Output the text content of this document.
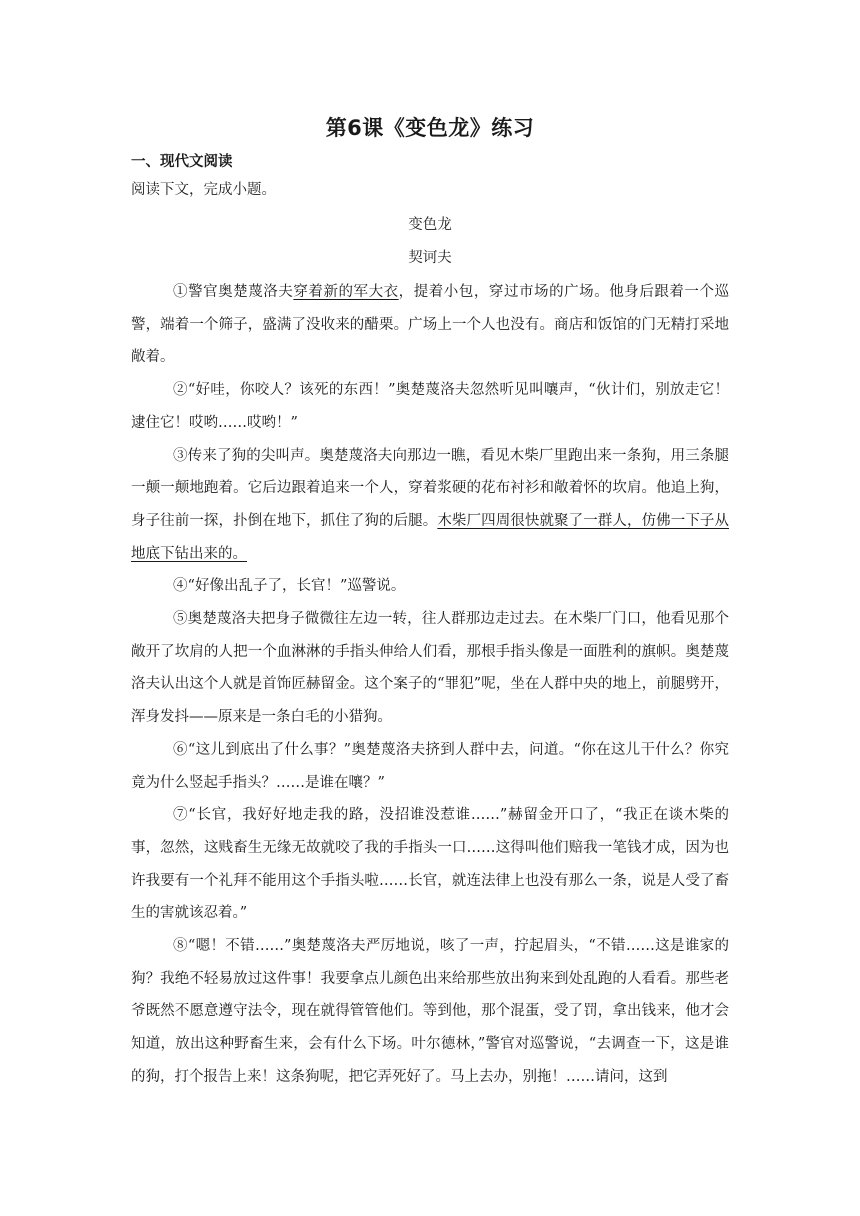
第6课《变色龙》练习
一、现代文阅读
阅读下文，完成小题。
变色龙
契诃夫

①警官奥楚蔑洛夫穿着新的军大衣，提着小包，穿过市场的广场。他身后跟着一个巡警，端着一个筛子，盛满了没收来的醋栗。广场上一个人也没有。商店和饭馆的门无精打采地敞着。

②“好哇，你咬人？该死的东西！”奥楚蔑洛夫忽然听见叫嚷声，“伙计们，别放走它！逮住它！哎哟……哎哟！”

③传来了狗的尖叫声。奥楚蔑洛夫向那边一瞧，看见木柴厂里跑出来一条狗，用三条腿一颠一颠地跑着。它后边跟着追来一个人，穿着浆硬的花布衬衫和敞着怀的坎肩。他追上狗，身子往前一探，扑倒在地下，抓住了狗的后腿。木柴厂四周很快就聚了一群人，仿佛一下子从地底下钻出来的。

④“好像出乱子了，长官！”巡警说。

⑤奥楚蔑洛夫把身子微微往左边一转，往人群那边走过去。在木柴厂门口，他看见那个敞开了坎肩的人把一个血淋淋的手指头伸给人们看，那根手指头像是一面胜利的旗帜。奥楚蔑洛夫认出这个人就是首饰匠赫留金。这个案子的“罪犯”呢，坐在人群中央的地上，前腿劈开，浑身发抖——原来是一条白毛的小猎狗。

⑥“这儿到底出了什么事？”奥楚蔑洛夫挤到人群中去，问道。“你在这儿干什么？你究竟为什么竖起手指头？……是谁在嚷？”

⑦“长官，我好好地走我的路，没招谁没惹谁……”赫留金开口了，“我正在谈木柴的事，忽然，这贱畜生无缘无故就咬了我的手指头一口……这得叫他们赔我一笔钱才成，因为也许我要有一个礼拜不能用这个手指头啦……长官，就连法律上也没有那么一条，说是人受了畜生的害就该忍着。”

⑧“嗯！不错……”奥楚蔑洛夫严厉地说，咳了一声，拧起眉头，“不错……这是谁家的狗？我绝不轻易放过这件事！我要拿点儿颜色出来给那些放出狗来到处乱跑的人看看。那些老爷既然不愿意遵守法令，现在就得管管他们。等到他，那个混蛋，受了罚，拿出钱来，他才会知道，放出这种野畜生来，会有什么下场。叶尔德林，”警官对巡警说，“去调查一下，这是谁的狗，打个报告上来！这条狗呢，把它弄死好了。马上去办，别拖！……请问，这到
